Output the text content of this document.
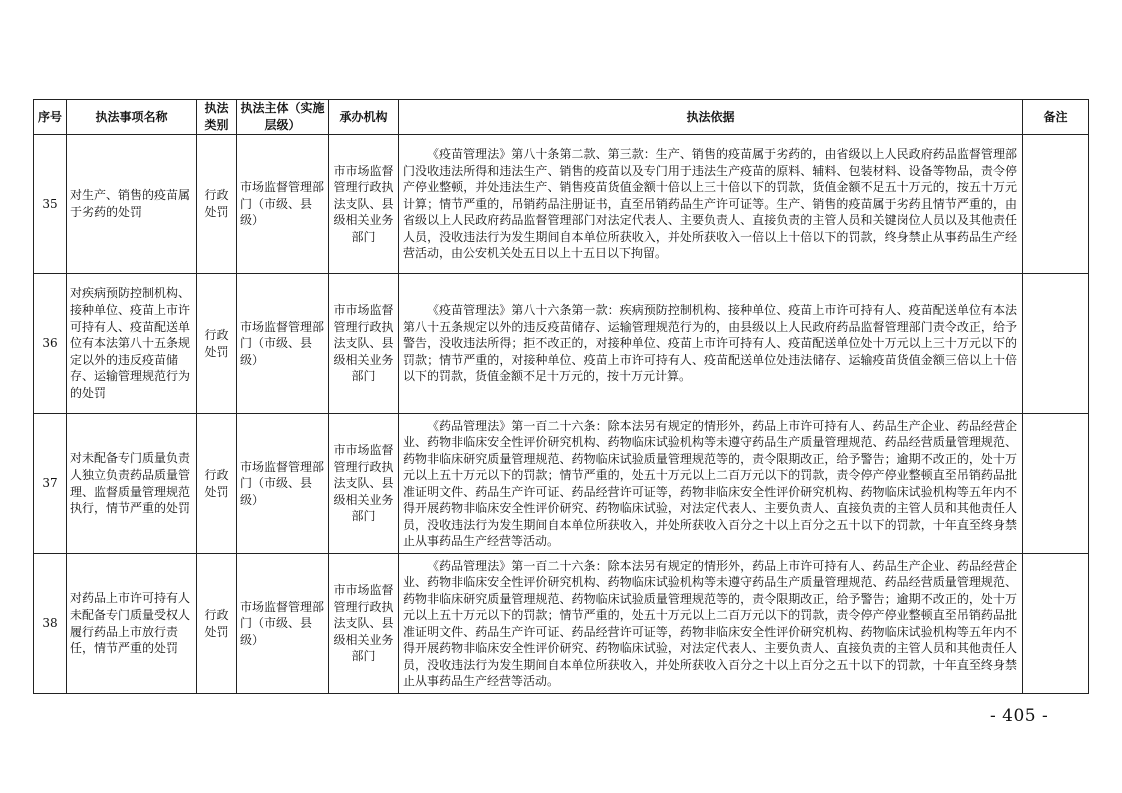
序号	执法事项名称	执法类别	执法主体（实施层级）	承办机构	执法依据	备注
35	对生产、销售的疫苗属于劣药的处罚	行政处罚	市场监督管理部门（市级、县级）	市市场监督管理行政执法支队、县级相关业务部门	《疫苗管理法》第八十条第二款、第三款：生产、销售的疫苗属于劣药的，由省级以上人民政府药品监督管理部门没收违法所得和违法生产、销售的疫苗以及专门用于违法生产疫苗的原料、辅料、包装材料、设备等物品，责令停产停业整顿，并处违法生产、销售疫苗货值金额十倍以上三十倍以下的罚款，货值金额不足五十万元的，按五十万元计算；情节严重的，吊销药品注册证书，直至吊销药品生产许可证等。生产、销售的疫苗属于劣药且情节严重的，由省级以上人民政府药品监督管理部门对法定代表人、主要负责人、直接负责的主管人员和关键岗位人员以及其他责任人员，没收违法行为发生期间自本单位所获收入，并处所获收入一倍以上十倍以下的罚款，终身禁止从事药品生产经营活动，由公安机关处五日以上十五日以下拘留。	

36	对疾病预防控制机构、接种单位、疫苗上市许可持有人、疫苗配送单位有本法第八十五条规定以外的违反疫苗储存、运输管理规范行为的处罚	行政处罚	市场监督管理部门（市级、县级）	市市场监督管理行政执法支队、县级相关业务部门	《疫苗管理法》第八十六条第一款：疾病预防控制机构、接种单位、疫苗上市许可持有人、疫苗配送单位有本法第八十五条规定以外的违反疫苗储存、运输管理规范行为的，由县级以上人民政府药品监督管理部门责令改正，给予警告，没收违法所得；拒不改正的，对接种单位、疫苗上市许可持有人、疫苗配送单位处十万元以上三十万元以下的罚款；情节严重的，对接种单位、疫苗上市许可持有人、疫苗配送单位处违法储存、运输疫苗货值金额三倍以上十倍以下的罚款，货值金额不足十万元的，按十万元计算。	

37	对未配备专门质量负责人独立负责药品质量管理、监督质量管理规范执行，情节严重的处罚	行政处罚	市场监督管理部门（市级、县级）	市市场监督管理行政执法支队、县级相关业务部门	《药品管理法》第一百二十六条：除本法另有规定的情形外，药品上市许可持有人、药品生产企业、药品经营企业、药物非临床安全性评价研究机构、药物临床试验机构等未遵守药品生产质量管理规范、药品经营质量管理规范、药物非临床研究质量管理规范、药物临床试验质量管理规范等的，责令限期改正，给予警告；逾期不改正的，处十万元以上五十万元以下的罚款；情节严重的，处五十万元以上二百万元以下的罚款，责令停产停业整顿直至吊销药品批准证明文件、药品生产许可证、药品经营许可证等，药物非临床安全性评价研究机构、药物临床试验机构等五年内不得开展药物非临床安全性评价研究、药物临床试验，对法定代表人、主要负责人、直接负责的主管人员和其他责任人员，没收违法行为发生期间自本单位所获收入，并处所获收入百分之十以上百分之五十以下的罚款，十年直至终身禁止从事药品生产经营等活动。	

38	对药品上市许可持有人未配备专门质量受权人履行药品上市放行责任，情节严重的处罚	行政处罚	市场监督管理部门（市级、县级）	市市场监督管理行政执法支队、县级相关业务部门	《药品管理法》第一百二十六条：除本法另有规定的情形外，药品上市许可持有人、药品生产企业、药品经营企业、药物非临床安全性评价研究机构、药物临床试验机构等未遵守药品生产质量管理规范、药品经营质量管理规范、药物非临床研究质量管理规范、药物临床试验质量管理规范等的，责令限期改正，给予警告；逾期不改正的，处十万元以上五十万元以下的罚款；情节严重的，处五十万元以上二百万元以下的罚款，责令停产停业整顿直至吊销药品批准证明文件、药品生产许可证、药品经营许可证等，药物非临床安全性评价研究机构、药物临床试验机构等五年内不得开展药物非临床安全性评价研究、药物临床试验，对法定代表人、主要负责人、直接负责的主管人员和其他责任人员，没收违法行为发生期间自本单位所获收入，并处所获收入百分之十以上百分之五十以下的罚款，十年直至终身禁止从事药品生产经营等活动。	

- 405 -
